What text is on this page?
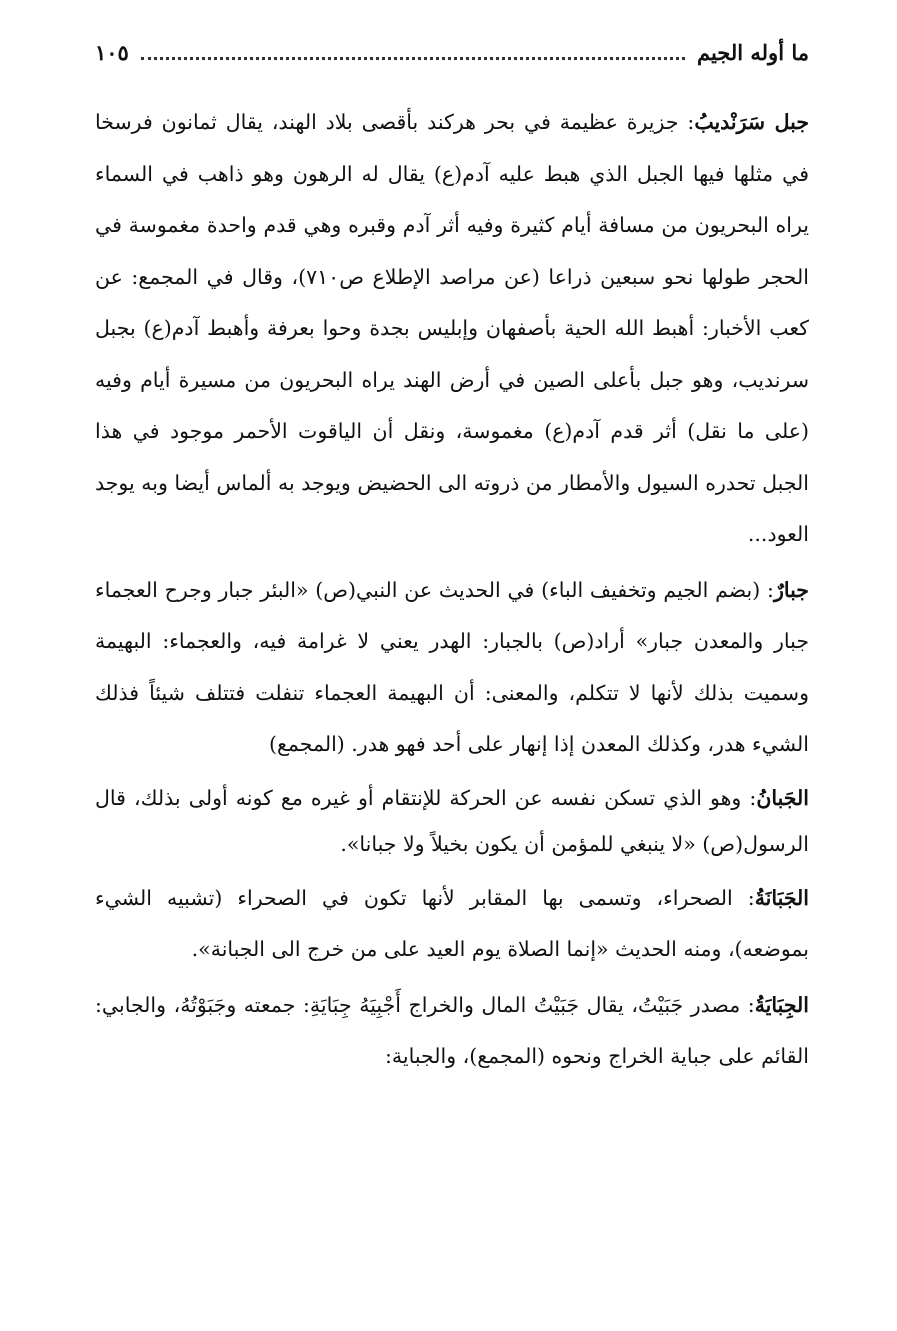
ما أوله الجيم
١٠٥

جبل سَرَنْديبُ: جزيرة عظيمة في بحر هركند بأقصى بلاد الهند، يقال ثمانون فرسخا في مثلها فيها الجبل الذي هبط عليه آدم(ع) يقال له الرهون وهو ذاهب في السماء يراه البحريون من مسافة أيام كثيرة وفيه أثر آدم وقبره وهي قدم واحدة مغموسة في الحجر طولها نحو سبعين ذراعا (عن مراصد الإطلاع ص٧١٠)، وقال في المجمع: عن كعب الأخبار: أهبط الله الحية بأصفهان وإبليس بجدة وحوا بعرفة وأهبط آدم(ع) بجبل سرنديب، وهو جبل بأعلى الصين في أرض الهند يراه البحريون من مسيرة أيام وفيه (على ما نقل) أثر قدم آدم(ع) مغموسة، ونقل أن الياقوت الأحمر موجود في هذا الجبل تحدره السيول والأمطار من ذروته الى الحضيض ويوجد به ألماس أيضا وبه يوجد العود...

جبارٌ: (بضم الجيم وتخفيف الباء) في الحديث عن النبي(ص) «البئر جبار وجرح العجماء جبار والمعدن جبار» أراد(ص) بالجبار: الهدر يعني لا غرامة فيه، والعجماء: البهيمة وسميت بذلك لأنها لا تتكلم، والمعنى: أن البهيمة العجماء تنفلت فتتلف شيئاً فذلك الشيء هدر، وكذلك المعدن إذا إنهار على أحد فهو هدر. (المجمع)

الجَبانُ: وهو الذي تسكن نفسه عن الحركة للإنتقام أو غيره مع كونه أولى بذلك، قال الرسول(ص) «لا ينبغي للمؤمن أن يكون بخيلاً ولا جبانا».

الجَبَانَةُ: الصحراء، وتسمى بها المقابر لأنها تكون في الصحراء (تشبيه الشيء بموضعه)، ومنه الحديث «إنما الصلاة يوم العيد على من خرج الى الجبانة».

الجِبَايَةُ: مصدر جَبَيْتُ، يقال جَبَيْتُ المال والخراج أَجْبِيَهُ جِبَايَةِ: جمعته وجَبَوْتُهُ، والجابي: القائم على جباية الخراج ونحوه (المجمع)، والجباية:
